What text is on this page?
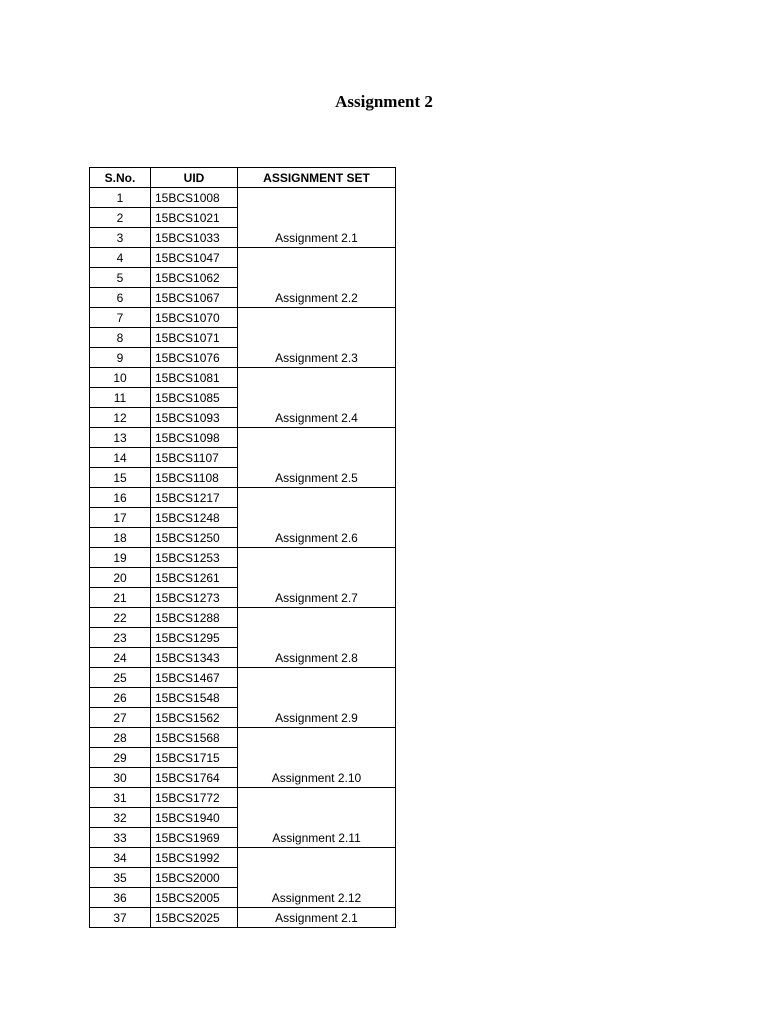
Assignment 2
S.No.	UID	ASSIGNMENT SET
1	15BCS1008	Assignment 2.1
2	15BCS1021	
3	15BCS1033	
4	15BCS1047	Assignment 2.2
5	15BCS1062	
6	15BCS1067	
7	15BCS1070	Assignment 2.3
8	15BCS1071	
9	15BCS1076	
10	15BCS1081	Assignment 2.4
11	15BCS1085	
12	15BCS1093	
13	15BCS1098	Assignment 2.5
14	15BCS1107	
15	15BCS1108	
16	15BCS1217	Assignment 2.6
17	15BCS1248	
18	15BCS1250	
19	15BCS1253	Assignment 2.7
20	15BCS1261	
21	15BCS1273	
22	15BCS1288	Assignment 2.8
23	15BCS1295	
24	15BCS1343	
25	15BCS1467	Assignment 2.9
26	15BCS1548	
27	15BCS1562	
28	15BCS1568	Assignment 2.10
29	15BCS1715	
30	15BCS1764	
31	15BCS1772	Assignment 2.11
32	15BCS1940	
33	15BCS1969	
34	15BCS1992	Assignment 2.12
35	15BCS2000	
36	15BCS2005	
37	15BCS2025	Assignment 2.1
